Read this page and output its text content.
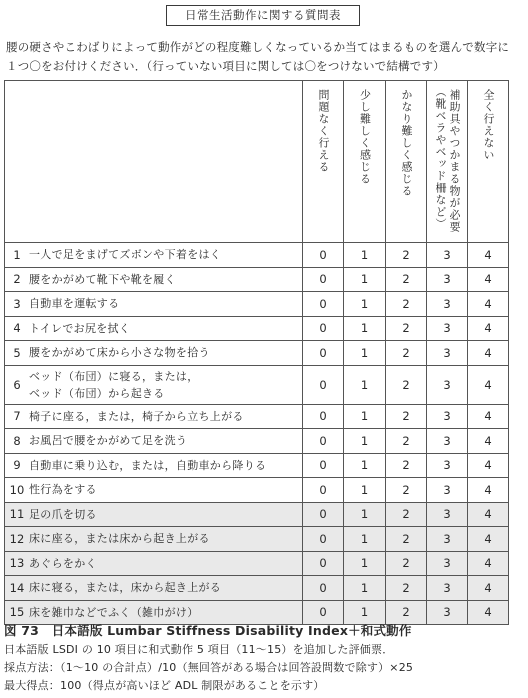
日常生活動作に関する質問表
腰の硬さやこわばりによって動作がどの程度難しくなっているか当てはまるものを選んで数字に
１つ〇をお付けください．（行っていない項目に関しては〇をつけないで結構です）

	問題なく行える	少し難しく感じる	かなり難しく感じる	補助具やつかまる物が必要
（靴ベラやベッド柵など）	全く行えない

1 一人で足をまげてズボンや下着をはく	0	1	2	3	4

2 腰をかがめて靴下や靴を履く	0	1	2	3	4

3 自動車を運転する	0	1	2	3	4

4 トイレでお尻を拭く	0	1	2	3	4

5 腰をかがめて床から小さな物を拾う	0	1	2	3	4

6
ベッド（布団）に寝る，または，
ベッド（布団）から起きる	0	1	2	3	4

7 椅子に座る，または，椅子から立ち上がる	0	1	2	3	4

8 お風呂で腰をかがめて足を洗う	0	1	2	3	4

9 自動車に乗り込む，または，自動車から降りる	0	1	2	3	4

10 性行為をする	0	1	2	3	4

11 足の爪を切る	0	1	2	3	4

12 床に座る，または床から起き上がる	0	1	2	3	4

13 あぐらをかく	0	1	2	3	4

14 床に寝る，または，床から起き上がる	0	1	2	3	4

15 床を雑巾などでふく（雑巾がけ）	0	1	2	3	4
図 73　日本語版 Lumbar Stiffness Disability Index＋和式動作
日本語版 LSDI の 10 項目に和式動作 5 項目（11〜15）を追加した評価票．
採点方法：（1〜10 の合計点）/10（無回答がある場合は回答設問数で除す）×25
最大得点：100（得点が高いほど ADL 制限があることを示す）
